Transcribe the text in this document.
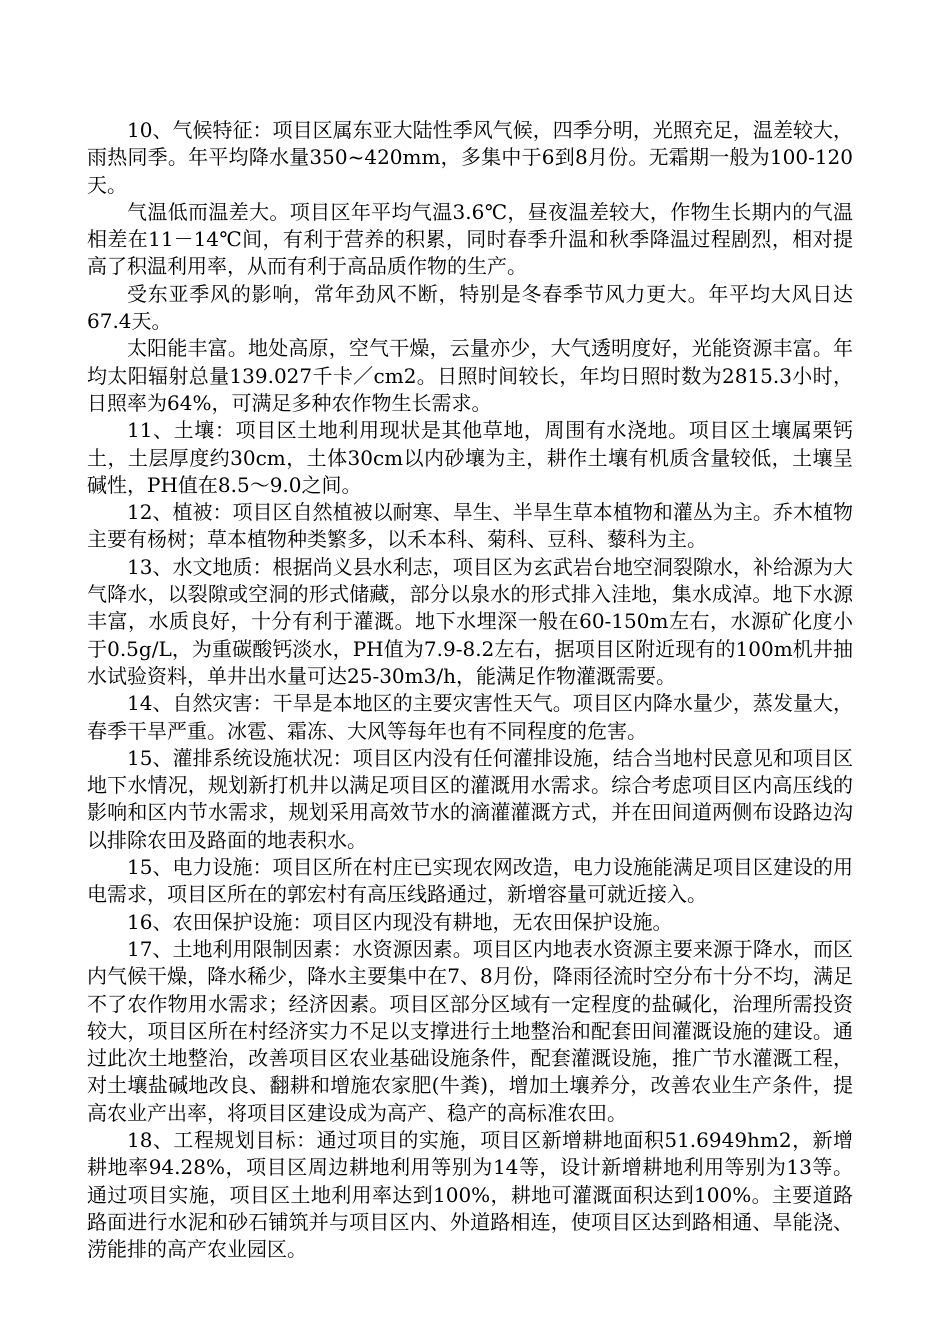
10、气候特征：项目区属东亚大陆性季风气候，四季分明，光照充足，温差较大，雨热同季。年平均降水量350~420mm，多集中于6到8月份。无霜期一般为100-120天。

气温低而温差大。项目区年平均气温3.6℃，昼夜温差较大，作物生长期内的气温相差在11－14℃间，有利于营养的积累，同时春季升温和秋季降温过程剧烈，相对提高了积温利用率，从而有利于高品质作物的生产。

受东亚季风的影响，常年劲风不断，特别是冬春季节风力更大。年平均大风日达67.4天。

太阳能丰富。地处高原，空气干燥，云量亦少，大气透明度好，光能资源丰富。年均太阳辐射总量139.027千卡／cm2。日照时间较长，年均日照时数为2815.3小时，日照率为64%，可满足多种农作物生长需求。

11、土壤：项目区土地利用现状是其他草地，周围有水浇地。项目区土壤属栗钙土，土层厚度约30cm，土体30cm以内砂壤为主，耕作土壤有机质含量较低，土壤呈碱性，PH值在8.5～9.0之间。

12、植被：项目区自然植被以耐寒、旱生、半旱生草本植物和灌丛为主。乔木植物主要有杨树；草本植物种类繁多，以禾本科、菊科、豆科、藜科为主。

13、水文地质：根据尚义县水利志，项目区为玄武岩台地空洞裂隙水，补给源为大气降水，以裂隙或空洞的形式储藏，部分以泉水的形式排入洼地，集水成淖。地下水源丰富，水质良好，十分有利于灌溉。地下水埋深一般在60-150m左右，水源矿化度小于0.5g/L，为重碳酸钙淡水，PH值为7.9-8.2左右，据项目区附近现有的100m机井抽水试验资料，单井出水量可达25-30m3/h，能满足作物灌溉需要。

14、自然灾害：干旱是本地区的主要灾害性天气。项目区内降水量少，蒸发量大，春季干旱严重。冰雹、霜冻、大风等每年也有不同程度的危害。

15、灌排系统设施状况：项目区内没有任何灌排设施，结合当地村民意见和项目区地下水情况，规划新打机井以满足项目区的灌溉用水需求。综合考虑项目区内高压线的影响和区内节水需求，规划采用高效节水的滴灌灌溉方式，并在田间道两侧布设路边沟以排除农田及路面的地表积水。

15、电力设施：项目区所在村庄已实现农网改造，电力设施能满足项目区建设的用电需求，项目区所在的郭宏村有高压线路通过，新增容量可就近接入。

16、农田保护设施：项目区内现没有耕地，无农田保护设施。

17、土地利用限制因素：水资源因素。项目区内地表水资源主要来源于降水，而区内气候干燥，降水稀少，降水主要集中在7、8月份，降雨径流时空分布十分不均，满足不了农作物用水需求；经济因素。项目区部分区域有一定程度的盐碱化，治理所需投资较大，项目区所在村经济实力不足以支撑进行土地整治和配套田间灌溉设施的建设。通过此次土地整治，改善项目区农业基础设施条件，配套灌溉设施，推广节水灌溉工程，对土壤盐碱地改良、翻耕和增施农家肥(牛粪)，增加土壤养分，改善农业生产条件，提高农业产出率，将项目区建设成为高产、稳产的高标准农田。

18、工程规划目标：通过项目的实施，项目区新增耕地面积51.6949hm2，新增耕地率94.28%，项目区周边耕地利用等别为14等，设计新增耕地利用等别为13等。通过项目实施，项目区土地利用率达到100%，耕地可灌溉面积达到100%。主要道路路面进行水泥和砂石铺筑并与项目区内、外道路相连，使项目区达到路相通、旱能浇、涝能排的高产农业园区。
